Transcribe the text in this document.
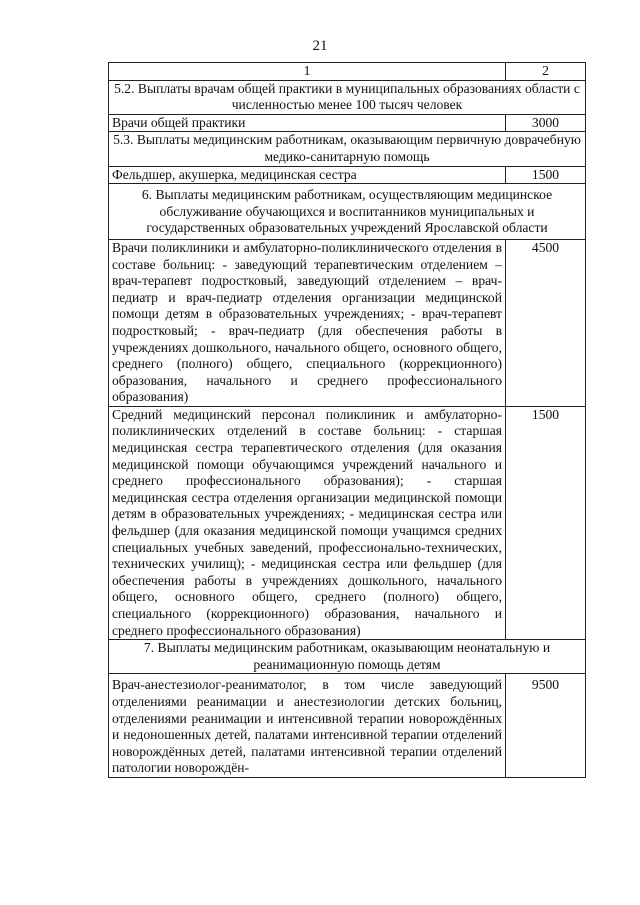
21
1	2
5.2. Выплаты врачам общей практики в муниципальных образованиях области с численностью менее 100 тысяч человек	
Врачи общей практики	3000
5.3. Выплаты медицинским работникам, оказывающим первичную доврачебную медико-санитарную помощь	
Фельдшер, акушерка, медицинская сестра	1500
6. Выплаты медицинским работникам, осуществляющим медицинское обслуживание обучающихся и воспитанников муниципальных и государственных образовательных учреждений Ярославской области	
Врачи поликлиники и амбулаторно-поликлинического отделения в составе больниц: - заведующий терапевтическим отделением – врач-терапевт подростковый, заведующий отделением – врач-педиатр и врач-педиатр отделения организации медицинской помощи детям в образовательных учреждениях; - врач-терапевт подростковый; - врач-педиатр (для обеспечения работы в учреждениях дошкольного, начального общего, основного общего, среднего (полного) общего, специального (коррекционного) образования, начального и среднего профессионального образования)	4500
Средний медицинский персонал поликлиник и амбулаторно-поликлинических отделений в составе больниц: - старшая медицинская сестра терапевтического отделения (для оказания медицинской помощи обучающимся учреждений начального и среднего профессионального образования); - старшая медицинская сестра отделения организации медицинской помощи детям в образовательных учреждениях; - медицинская сестра или фельдшер (для оказания медицинской помощи учащимся средних специальных учебных заведений, профессионально-технических, технических училищ); - медицинская сестра или фельдшер (для обеспечения работы в учреждениях дошкольного, начального общего, основного общего, среднего (полного) общего, специального (коррекционного) образования, начального и среднего профессионального образования)	1500
7. Выплаты медицинским работникам, оказывающим неонатальную и реанимационную помощь детям	
Врач-анестезиолог-реаниматолог, в том числе заведующий отделениями реанимации и анестезиологии детских больниц, отделениями реанимации и интенсивной терапии новорождённых и недоношенных детей, палатами интенсивной терапии отделений новорождённых детей, палатами интенсивной терапии отделений патологии новорождён-	9500
